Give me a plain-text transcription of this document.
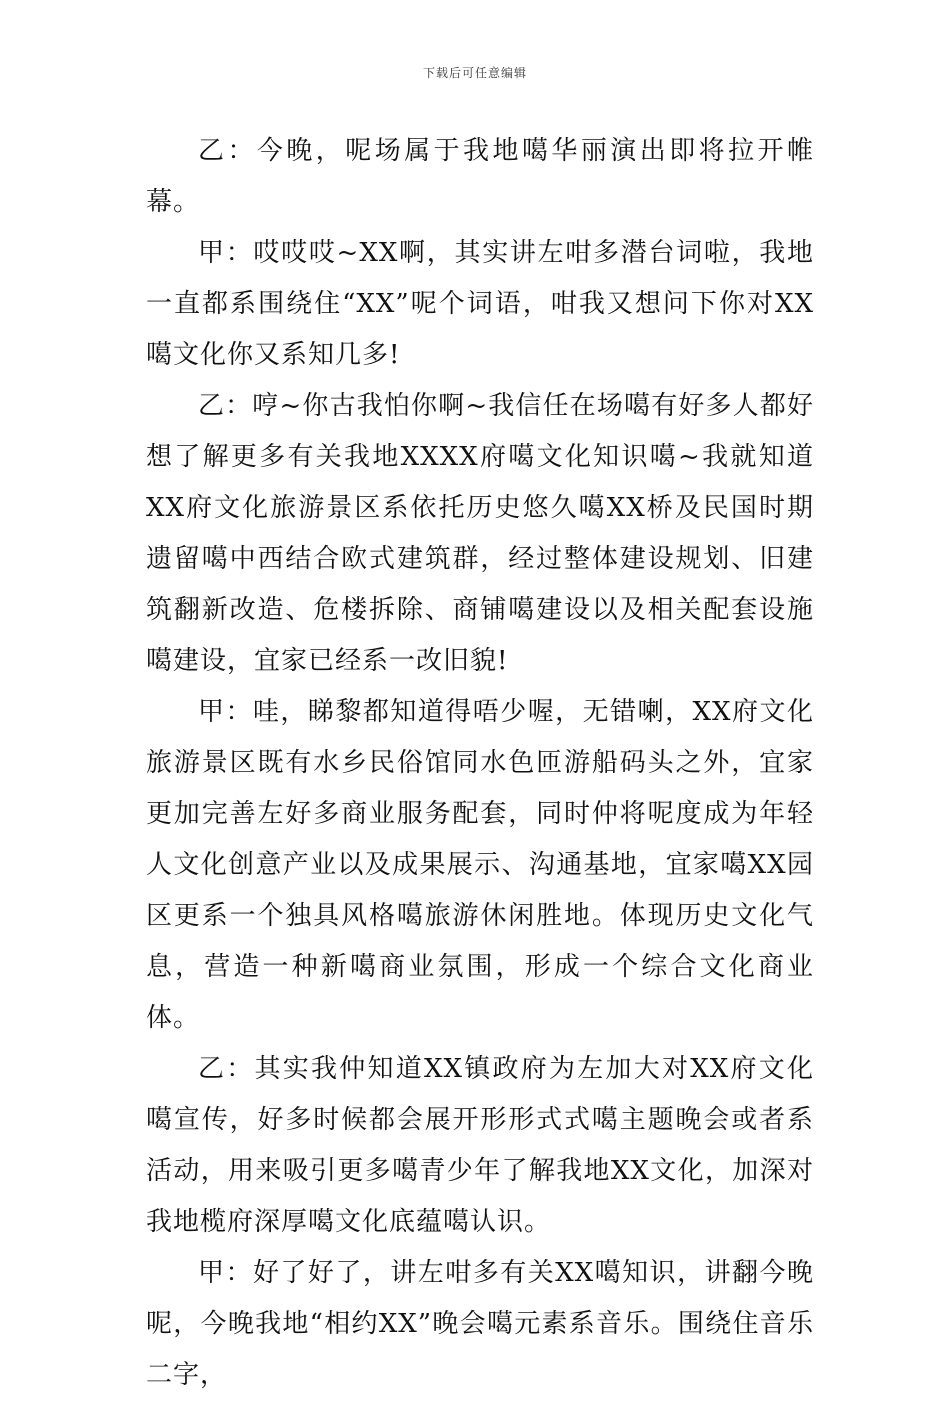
下载后可任意编辑

乙：今晚，呢场属于我地噶华丽演出即将拉开帷幕。

甲：哎哎哎~XX啊，其实讲左咁多潜台词啦，我地一直都系围绕住“XX”呢个词语，咁我又想问下你对XX噶文化你又系知几多!

乙：哼~你古我怕你啊~我信任在场噶有好多人都好想了解更多有关我地XXXX府噶文化知识噶~我就知道XX府文化旅游景区系依托历史悠久噶XX桥及民国时期遗留噶中西结合欧式建筑群，经过整体建设规划、旧建筑翻新改造、危楼拆除、商铺噶建设以及相关配套设施噶建设，宜家已经系一改旧貌!

甲：哇，睇黎都知道得唔少喔，无错喇，XX府文化旅游景区既有水乡民俗馆同水色匝游船码头之外，宜家更加完善左好多商业服务配套，同时仲将呢度成为年轻人文化创意产业以及成果展示、沟通基地，宜家噶XX园区更系一个独具风格噶旅游休闲胜地。体现历史文化气息，营造一种新噶商业氛围，形成一个综合文化商业体。

乙：其实我仲知道XX镇政府为左加大对XX府文化噶宣传，好多时候都会展开形形式式噶主题晚会或者系活动，用来吸引更多噶青少年了解我地XX文化，加深对我地榄府深厚噶文化底蕴噶认识。

甲：好了好了，讲左咁多有关XX噶知识，讲翻今晚呢，今晚我地“相约XX”晚会噶元素系音乐。围绕住音乐二字，
